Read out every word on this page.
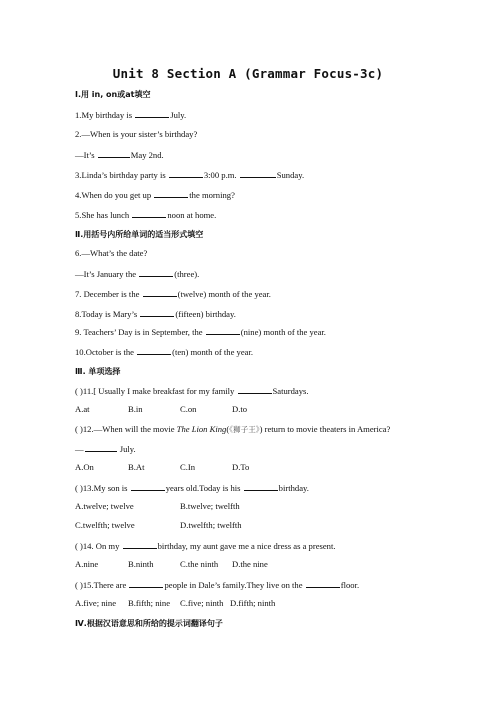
Unit 8 Section A (Grammar Focus-3c)
Ⅰ.用 in, on或at填空
1.My birthday is	July.
2.—When is your sister’s birthday?
—It’s	May 2nd.
3.Linda’s birthday party is	3:00 p.m.	Sunday.
4.When do you get up	the morning?
5.She has lunch	noon at home.
Ⅱ.用括号内所给单词的适当形式填空
6.—What’s the date?
—It’s January the	(three).
7. December is the	(twelve) month of the year.
8.Today is Mary’s	(fifteen) birthday.
9. Teachers’ Day is in September, the	(nine) month of the year.
10.October is the	(ten) month of the year.
Ⅲ. 单项选择
( )11.[ Usually I make breakfast for my family	Saturdays.
A.at	B.in	C.on	D.to
( )12.—When will the movie The Lion King(《狮子王》) return to movie theaters in America?
—	July.
A.On	B.At	C.In	D.To
( )13.My son is	years old.Today is his	birthday.
A.twelve; twelve	B.twelve; twelfth
C.twelfth; twelve	D.twelfth; twelfth
( )14. On my	birthday, my aunt gave me a nice dress as a present.
A.nine	B.ninth	C.the ninth D.the nine
( )15.There are	people in Dale’s family.They live on the	floor.
A.five; nine B.fifth; nine C.five; ninth D.fifth; ninth
Ⅳ.根据汉语意思和所给的提示词翻译句子
